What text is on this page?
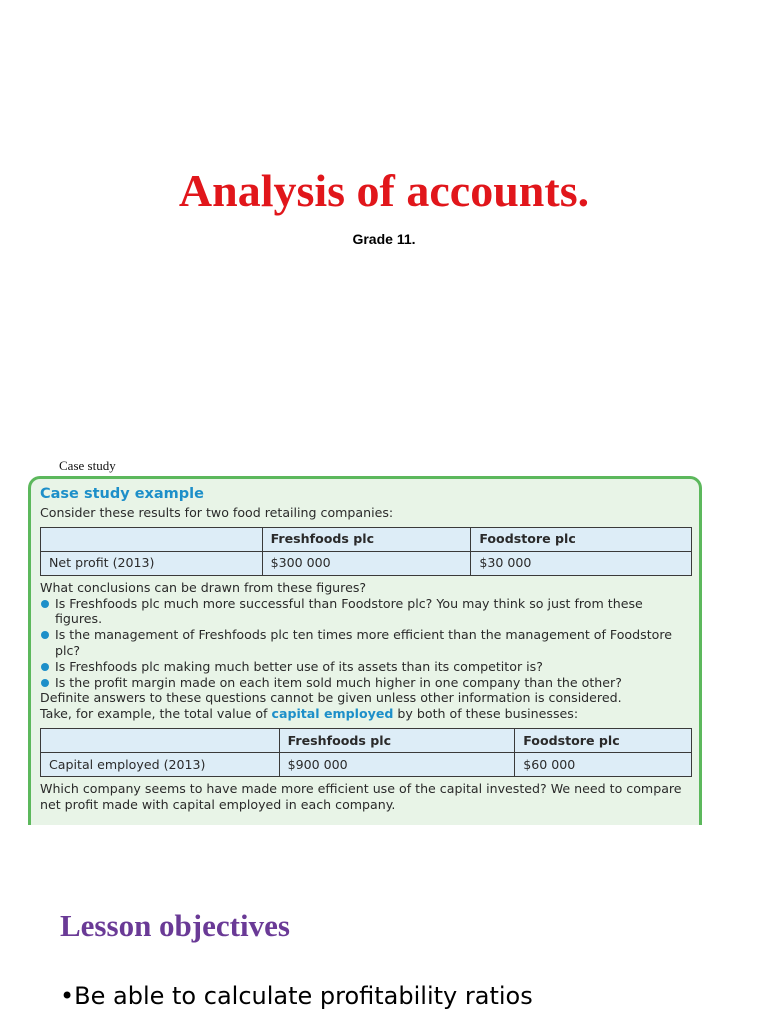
Analysis of accounts.
Grade 11.
Case study
Case study example

Consider these results for two food retailing companies:

	Freshfoods plc	Foodstore plc
Net profit (2013)	$300 000	$30 000

What conclusions can be drawn from these figures?

Is Freshfoods plc much more successful than Foodstore plc? You may think so just from these figures.
Is the management of Freshfoods plc ten times more efficient than the management of Foodstore plc?
Is Freshfoods plc making much better use of its assets than its competitor is?
Is the profit margin made on each item sold much higher in one company than the other?

Definite answers to these questions cannot be given unless other information is considered.

Take, for example, the total value of capital employed by both of these businesses:

	Freshfoods plc	Foodstore plc
Capital employed (2013)	$900 000	$60 000

Which company seems to have made more efficient use of the capital invested? We need to compare net profit made with capital employed in each company.

Lesson objectives
•Be able to calculate profitability ratios
